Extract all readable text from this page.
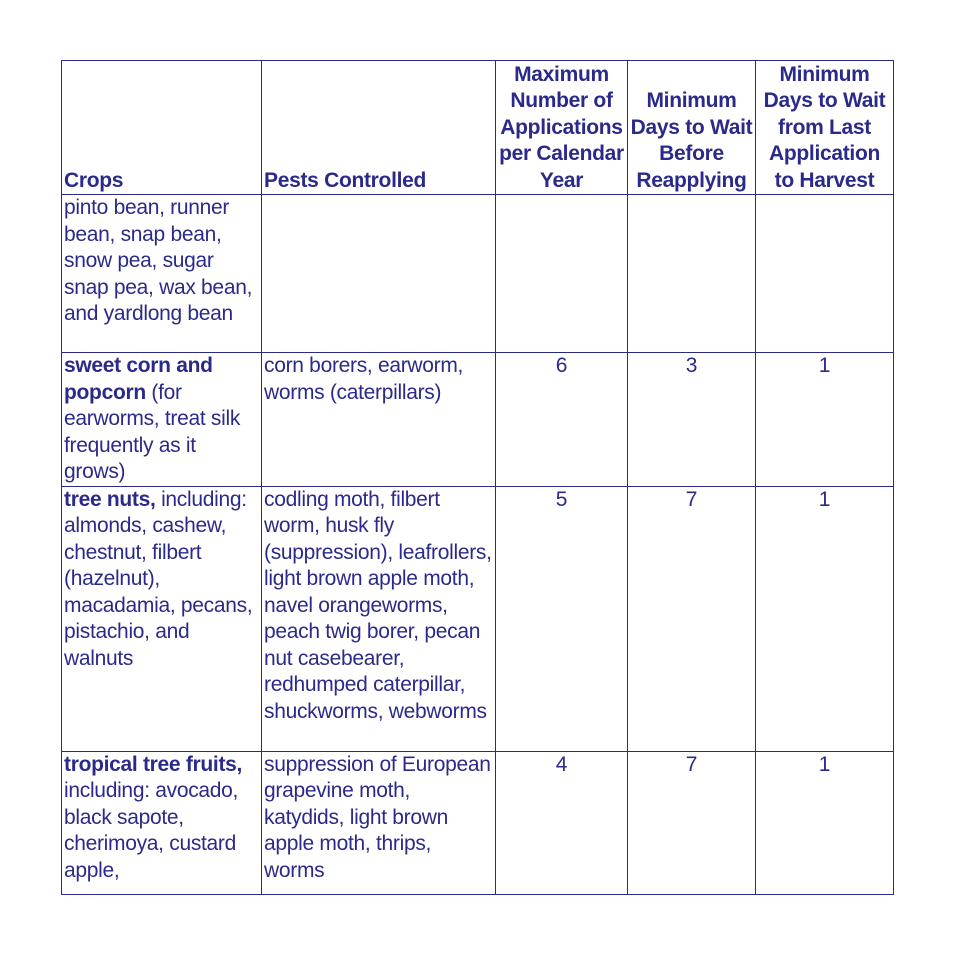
Crops	Pests Controlled	Maximum Number of Applications per Calendar Year	Minimum Days to Wait Before Reapplying	Minimum Days to Wait from Last Application to Harvest
pinto bean, runner bean, snap bean, snow pea, sugar snap pea, wax bean, and yardlong bean				
sweet corn and popcorn (for earworms, treat silk frequently as it grows)	corn borers, earworm, worms (caterpillars)	6	3	1
tree nuts, including: almonds, cashew, chestnut, filbert (hazelnut), macadamia, pecans, pistachio, and walnuts	codling moth, filbert worm, husk fly (suppression), leafrollers, light brown apple moth, navel orangeworms, peach twig borer, pecan nut casebearer, redhumped caterpillar, shuckworms, webworms	5	7	1
tropical tree fruits, including: avocado, black sapote, cherimoya, custard apple,	suppression of European grapevine moth, katydids, light brown apple moth, thrips, worms	4	7	1
